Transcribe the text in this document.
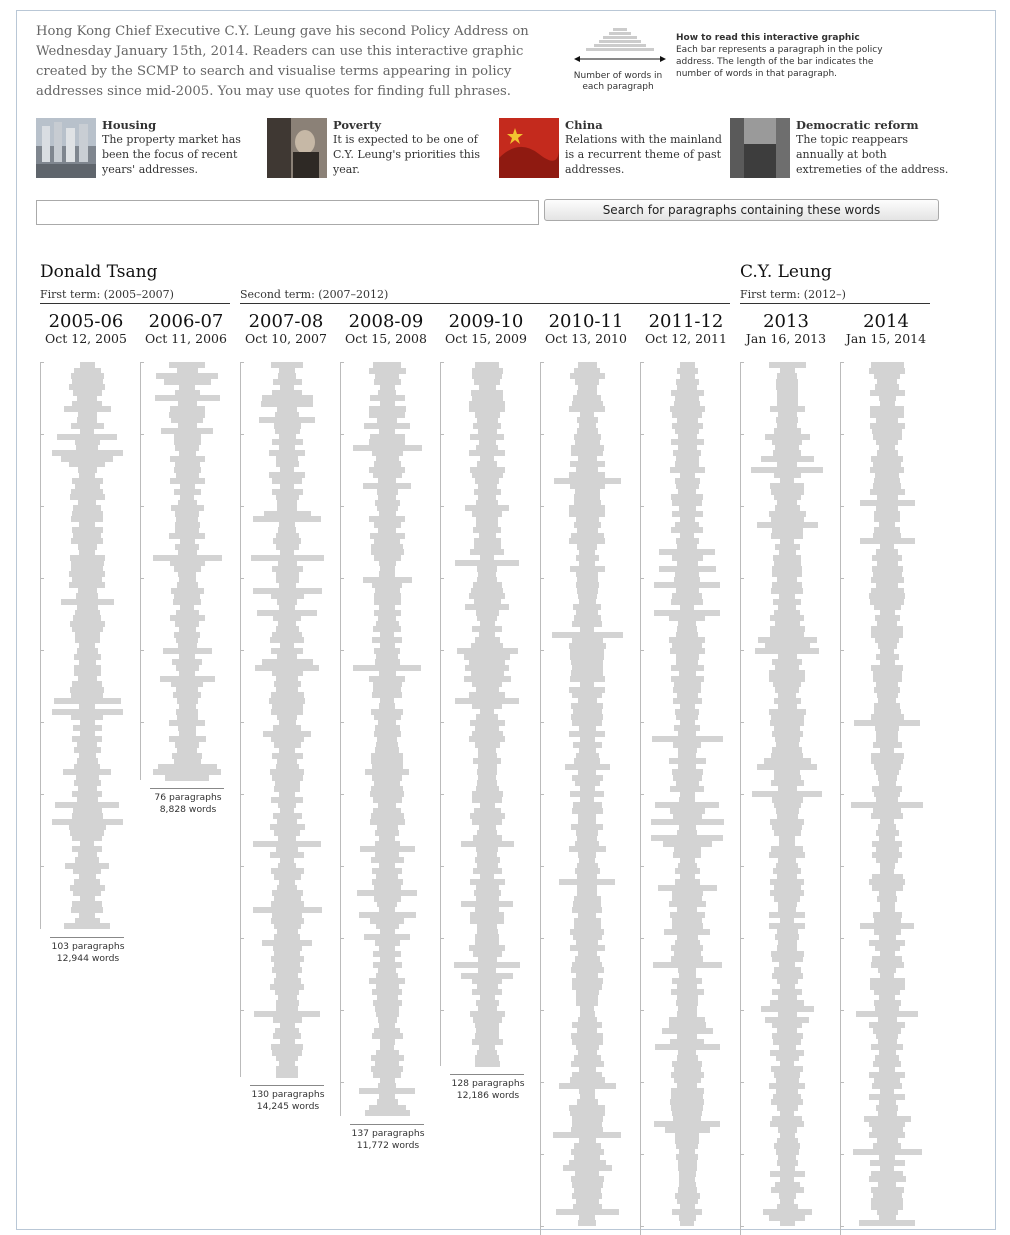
Hong Kong Chief Executive C.Y. Leung gave his second Policy Address on Wednesday January 15th, 2014. Readers can use this interactive graphic created by the SCMP to search and visualise terms appearing in policy addresses since mid-2005. You may use quotes for finding full phrases.
Number of words in each paragraph
How to read this interactive graphic
Each bar represents a paragraph in the policy address. The length of the bar indicates the number of words in that paragraph.
Housing
The property market has been the focus of recent years' addresses.
Poverty
It is expected to be one of C.Y. Leung's priorities this year.
China
Relations with the mainland is a recurrent theme of past addresses.
Democratic reform
The topic reappears annually at both extremeties of the address.
Search for paragraphs containing these words
Donald Tsang	C.Y. Leung
First term: (2005–2007)	Second term: (2007–2012)	First term: (2012–)
2005-06
Oct 12, 2005
103 paragraphs
12,944 words
2006-07
Oct 11, 2006
76 paragraphs
8,828 words
2007-08
Oct 10, 2007
130 paragraphs
14,245 words
2008-09
Oct 15, 2008
137 paragraphs
11,772 words
2009-10
Oct 15, 2009
128 paragraphs
12,186 words
2010-11
Oct 13, 2010
2011-12
Oct 12, 2011
2013
Jan 16, 2013
2014
Jan 15, 2014
